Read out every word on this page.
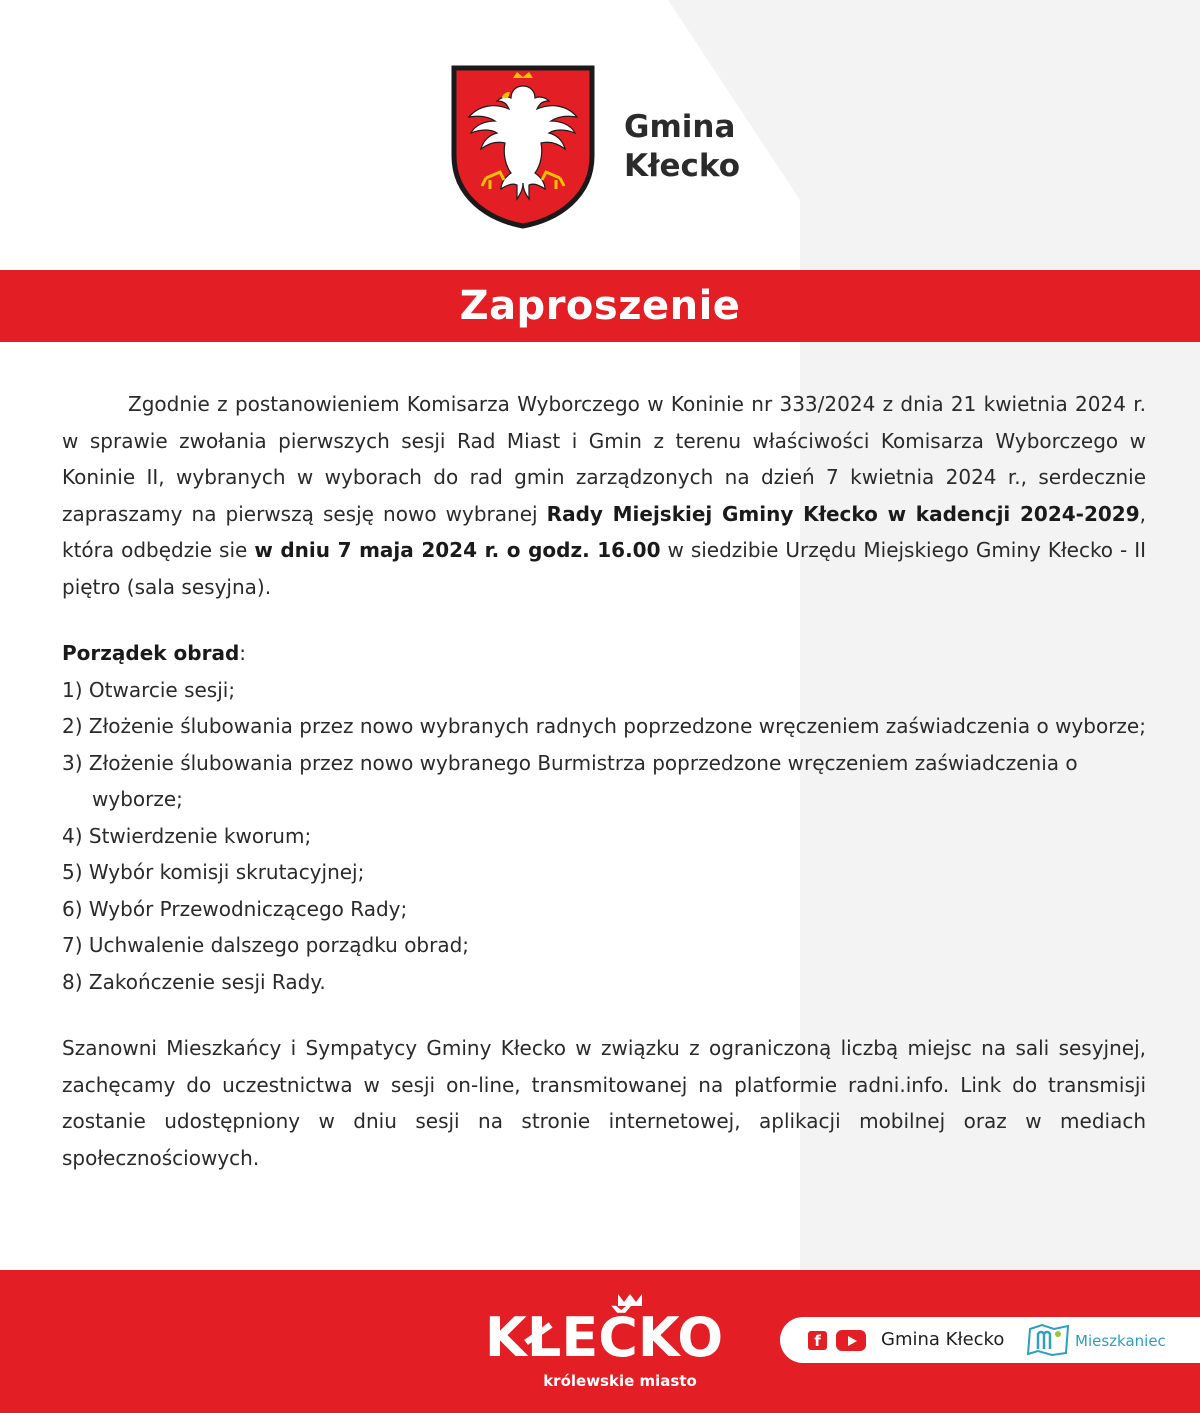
Gmina
Kłecko
Zaproszenie

Zgodnie z postanowieniem Komisarza Wyborczego w Koninie nr 333/2024 z dnia 21 kwietnia 2024 r. w sprawie zwołania pierwszych sesji Rad Miast i Gmin z terenu właściwości Komisarza Wyborczego w Koninie II, wybranych w wyborach do rad gmin zarządzonych na dzień 7 kwietnia 2024 r., serdecznie zapraszamy na pierwszą sesję nowo wybranej Rady Miejskiej Gminy Kłecko w kadencji 2024-2029, która odbędzie sie w dniu 7 maja 2024 r. o godz. 16.00 w siedzibie Urzędu Miejskiego Gminy Kłecko - II piętro (sala sesyjna).

Porządek obrad:
1) Otwarcie sesji;
2) Złożenie ślubowania przez nowo wybranych radnych poprzedzone wręczeniem zaświadczenia o wyborze;
3) Złożenie ślubowania przez nowo wybranego Burmistrza poprzedzone wręczeniem zaświadczenia o wyborze;
4) Stwierdzenie kworum;
5) Wybór komisji skrutacyjnej;
6) Wybór Przewodniczącego Rady;
7) Uchwalenie dalszego porządku obrad;
8) Zakończenie sesji Rady.

Szanowni Mieszkańcy i Sympatycy Gminy Kłecko w związku z ograniczoną liczbą miejsc na sali sesyjnej, zachęcamy do uczestnictwa w sesji on-line, transmitowanej na platformie radni.info. Link do transmisji zostanie udostępniony w dniu sesji na stronie internetowej, aplikacji mobilnej oraz w mediach społecznościowych.

KŁEČKO
królewskie miasto
f	Gmina Kłecko	Mieszkaniec
